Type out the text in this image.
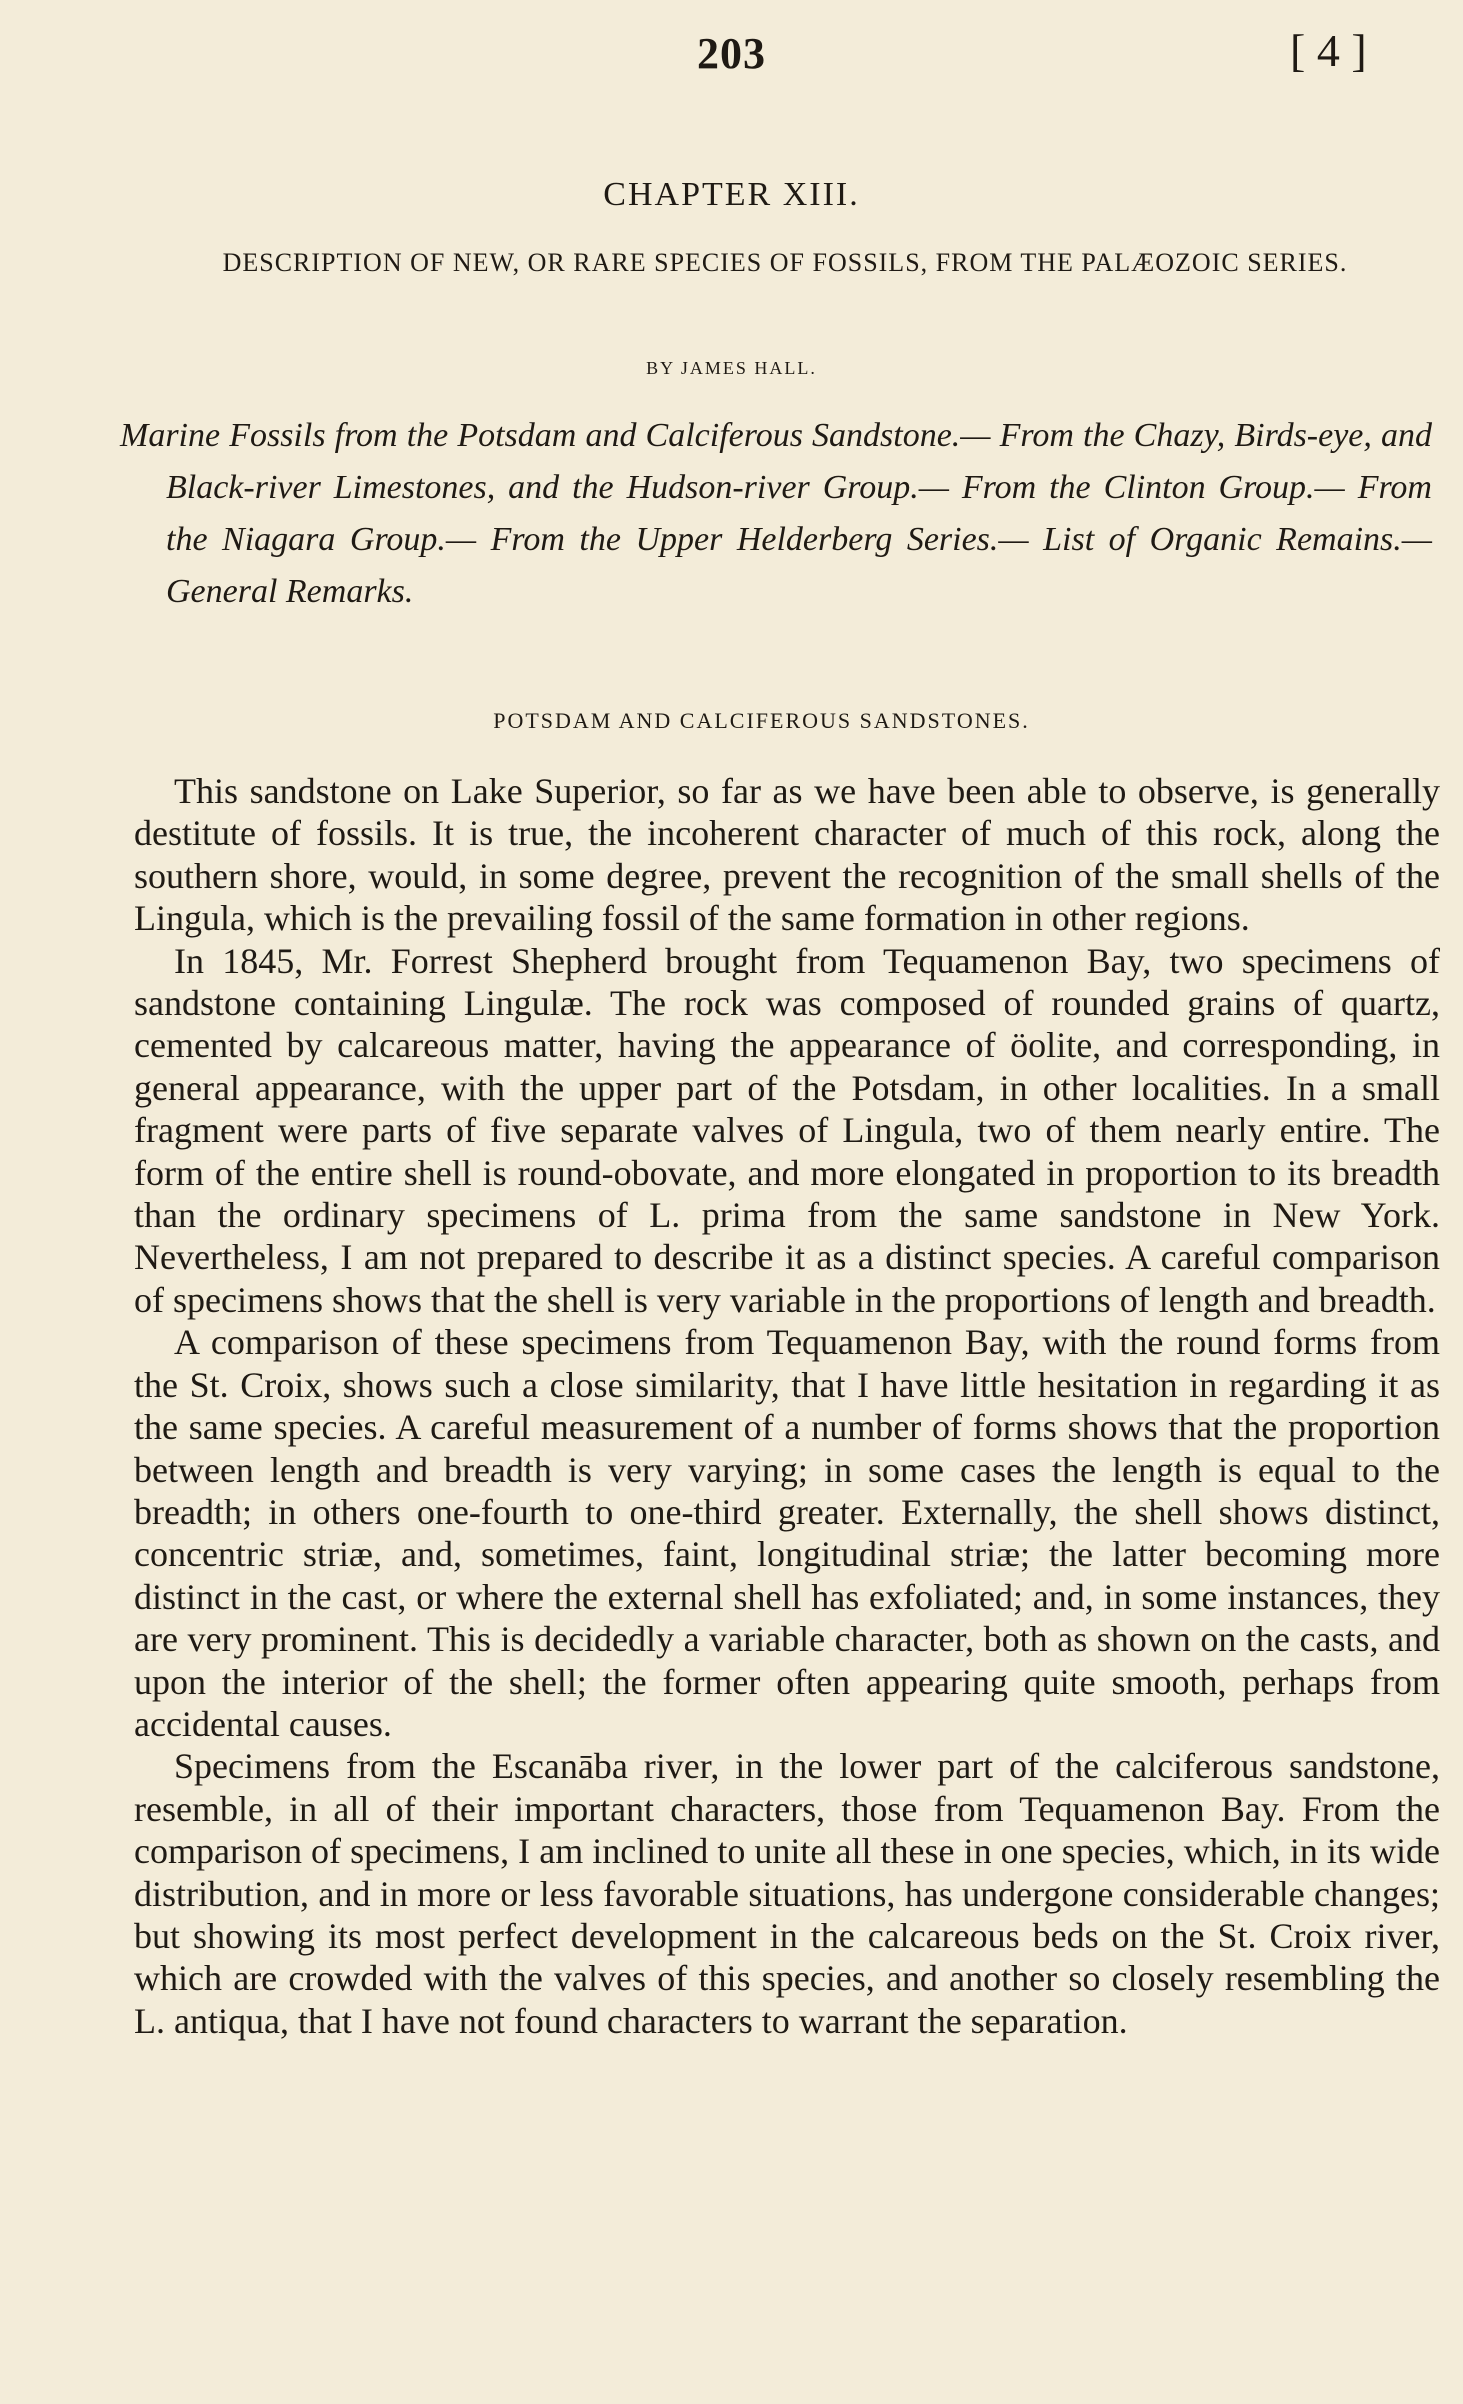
203	[ 4 ]
CHAPTER XIII.
DESCRIPTION OF NEW, OR RARE SPECIES OF FOSSILS, FROM THE PALÆOZOIC SERIES.
BY JAMES HALL.
Marine Fossils from the Potsdam and Calciferous Sandstone.— From the Chazy, Birds-eye, and Black-river Limestones, and the Hudson-river Group.— From the Clinton Group.— From the Niagara Group.— From the Upper Helderberg Series.— List of Organic Remains.— General Remarks.
POTSDAM AND CALCIFEROUS SANDSTONES.

This sandstone on Lake Superior, so far as we have been able to observe, is generally destitute of fossils. It is true, the incoherent character of much of this rock, along the southern shore, would, in some degree, prevent the recognition of the small shells of the Lingula, which is the prevailing fossil of the same formation in other regions.

In 1845, Mr. Forrest Shepherd brought from Tequamenon Bay, two specimens of sandstone containing Lingulæ. The rock was composed of rounded grains of quartz, cemented by calcareous matter, having the appearance of öolite, and corresponding, in general appearance, with the upper part of the Potsdam, in other localities. In a small fragment were parts of five separate valves of Lingula, two of them nearly entire. The form of the entire shell is round-obovate, and more elongated in proportion to its breadth than the ordinary specimens of L. prima from the same sandstone in New York. Nevertheless, I am not prepared to describe it as a distinct species. A careful comparison of specimens shows that the shell is very variable in the proportions of length and breadth.

A comparison of these specimens from Tequamenon Bay, with the round forms from the St. Croix, shows such a close similarity, that I have little hesitation in regarding it as the same species. A careful measurement of a number of forms shows that the proportion between length and breadth is very varying; in some cases the length is equal to the breadth; in others one-fourth to one-third greater. Externally, the shell shows distinct, concentric striæ, and, sometimes, faint, longitudinal striæ; the latter becoming more distinct in the cast, or where the external shell has exfoliated; and, in some instances, they are very prominent. This is decidedly a variable character, both as shown on the casts, and upon the interior of the shell; the former often appearing quite smooth, perhaps from accidental causes.

Specimens from the Escanāba river, in the lower part of the calciferous sandstone, resemble, in all of their important characters, those from Tequamenon Bay. From the comparison of specimens, I am inclined to unite all these in one species, which, in its wide distribution, and in more or less favorable situations, has undergone considerable changes; but showing its most perfect development in the calcareous beds on the St. Croix river, which are crowded with the valves of this species, and another so closely resembling the L. antiqua, that I have not found characters to warrant the separation.
